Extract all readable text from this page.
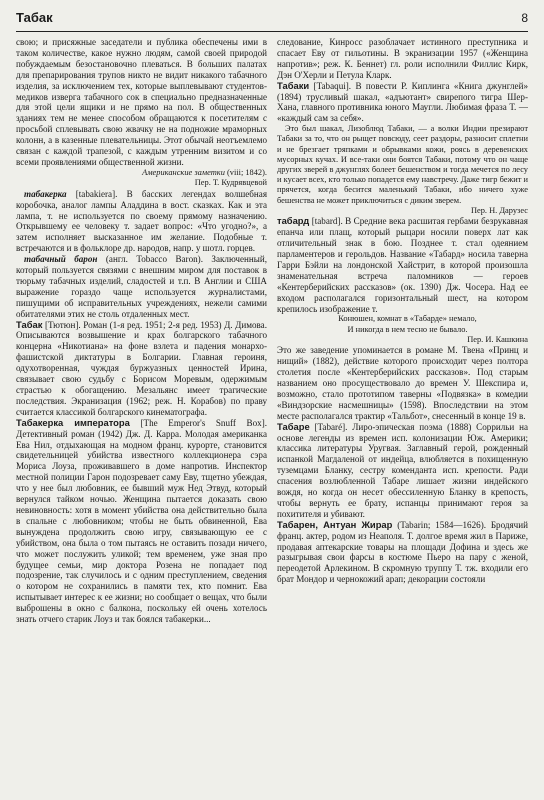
Табак	8

свою; и присяжные заседатели и публика обеспечены ими в таком количестве, какое нужно людям, самой своей природой побуждаемым безостановочно плеваться. В больших палатах для препарирования трупов никто не видит никакого табачного изделия, за исключением тех, которые выплевывают студентов-медиков изверга табачного сок в специально предназначенные для этой цели ящики и не прямо на пол. В общественных зданиях тем не менее способом обращаются к посетителям с просьбой сплевывать свою жвачку не на подножие мраморных колонн, а в казенные плевательницы. Этот обычай неотъемлемо связан с каждой трапезой, с каждым утренним визитом и со всеми проявлениями общественной жизни.

Американские заметки (viii; 1842).
Пер. Т. Кудрявцевой

табакерка [tabakiera]. В басских легендах волшебная коробочка, аналог лампы Аладдина в вост. сказках. Как и эта лампа, т. не используется по своему прямому назначению. Открывшему ее человеку т. задает вопрос: «Что угодно?», а затем исполняет высказанное им желание. Подобные т. встречаются и в фольклоре др. народов, напр. у шотл. горцев.

табачный барон (англ. Tobacco Baron). Заключенный, который пользуется связями с внешним миром для поставок в тюрьму табачных изделий, сладостей и т.п. В Англии и США выражение гораздо чаще используется журналистами, пишущими об исправительных учреждениях, нежели самими обитателями этих не столь отдаленных мест.

Табак [Тютюн]. Роман (1-я ред. 1951; 2-я ред. 1953) Д. Димова. Описываются возвышение и крах болгарского табачного концерна «Никотиана» на фоне взлета и падения монархо-фашистской диктатуры в Болгарии. Главная героиня, одухотворенная, чуждая буржуазных ценностей Ирина, связывает свою судьбу с Борисом Моревым, одержимым страстью к обогащению. Мезальянс имеет трагические последствия. Экранизация (1962; реж. Н. Корабов) по праву считается классикой болгарского кинематографа.

Табакерка императора [The Emperor's Snuff Box]. Детективный роман (1942) Дж. Д. Карра. Молодая американка Ева Нил, отдыхающая на модном франц. курорте, становится свидетельницей убийства известного коллекционера сэра Мориса Лоуза, проживавшего в доме напротив. Инспектор местной полиции Гарон подозревает саму Еву, тщетно убеждая, что у нее был любовник, ее бывший муж Нед Этвуд, который вернулся тайком ночью. Женщина пытается доказать свою невиновность: хотя в момент убийства она действительно была в спальне с любовником; чтобы не быть обвиненной, Ева вынуждена продолжить свою игру, связывающую ее с убийством, она была о том пытаясь не оставить позади ничего, что может послужить уликой; тем временем, уже зная про будущее семьи, мир доктора Розена не попадает под подозрение, так случилось и с одним преступлением, сведения о котором не сохранились в памяти тех, кто помнит. Ева испытывает интерес к ее жизни; но сообщает о вещах, что были выброшены в окно с балкона, поскольку ей очень хотелось знать отчего старик Лоуз и так боялся табакерки...

следование, Кинросс разоблачает истинного преступника и спасает Еву от гильотины. В экранизации 1957 («Женщина напротив»; реж. К. Беннет) гл. роли исполнили Филлис Кирк, Дэн О'Херли и Петула Кларк.

Табаки [Tabaqui]. В повести Р. Киплинга «Книга джунглей» (1894) трусливый шакал, «адъютант» свирепого тигра Шер-Хана, главного противника юного Маугли. Любимая фраза Т. — «каждый сам за себя».

Это был шакал, Лизоблюд Табаки, — а волки Индии презирают Табаки за то, что он рыщет повсюду, сеет раздоры, разносит сплетни и не брезгает тряпками и обрывками кожи, роясь в деревенских мусорных кучах. И все-таки они боятся Табаки, потому что он чаще других зверей в джунглях болеет бешенством и тогда мечется по лесу и кусает всех, кто только попадется ему навстречу. Даже тигр бежит и прячется, когда бесится маленький Табаки, ибо ничего хуже бешенства не может приключиться с диким зверем.

Пер. Н. Дарузес

табард [tabard]. В Средние века расшитая гербами безрукавная епанча или плащ, который рыцари носили поверх лат как отличительный знак в бою. Позднее т. стал одеянием парламентеров и герольдов. Название «Табард» носила таверна Гарри Бэйли на лондонской Хайстрит, в которой произошла знаменательная встреча паломников — героев «Кентерберийских рассказов» (ок. 1390) Дж. Чосера. Над ее входом располагался горизонтальный шест, на котором крепилось изображение т.

Конюшен, комнат в «Табарде» немало,
И никогда в нем тесно не бывало.
Пер. И. Кашкина

Это же заведение упоминается в романе М. Твена «Принц и нищий» (1882), действие которого происходит через полтора столетия после «Кентерберийских рассказов». Под старым названием оно просуществовало до времен У. Шекспира и, возможно, стало прототипом таверны «Подвязка» в комедии «Виндзорские насмешницы» (1598). Впоследствии на этом месте располагался трактир «Тальбот», снесенный в конце 19 в.

Табаре [Tabaré]. Лиро-эпическая поэма (1888) Соррильи на основе легенды из времен исп. колонизации Юж. Америки; классика литературы Уругвая. Заглавный герой, рожденный испанкой Магдаленой от индейца, влюбляется в похищенную туземцами Бланку, сестру коменданта исп. крепости. Ради спасения возлюбленной Табаре лишает жизни индейского вождя, но когда он несет обессиленную Бланку в крепость, чтобы вернуть ее брату, испанцы принимают героя за похитителя и убивают.

Табарен, Антуан Жирар (Tabarin; 1584—1626). Бродячий франц. актер, родом из Неаполя. Т. долгое время жил в Париже, продавая аптекарские товары на площади Дофина и здесь же разыгрывая свои фарсы в костюме Пьеро на пару с женой, переодетой Арлекином. В скромную труппу Т. тж. входили его брат Мондор и чернокожий арап; декорации состояли
